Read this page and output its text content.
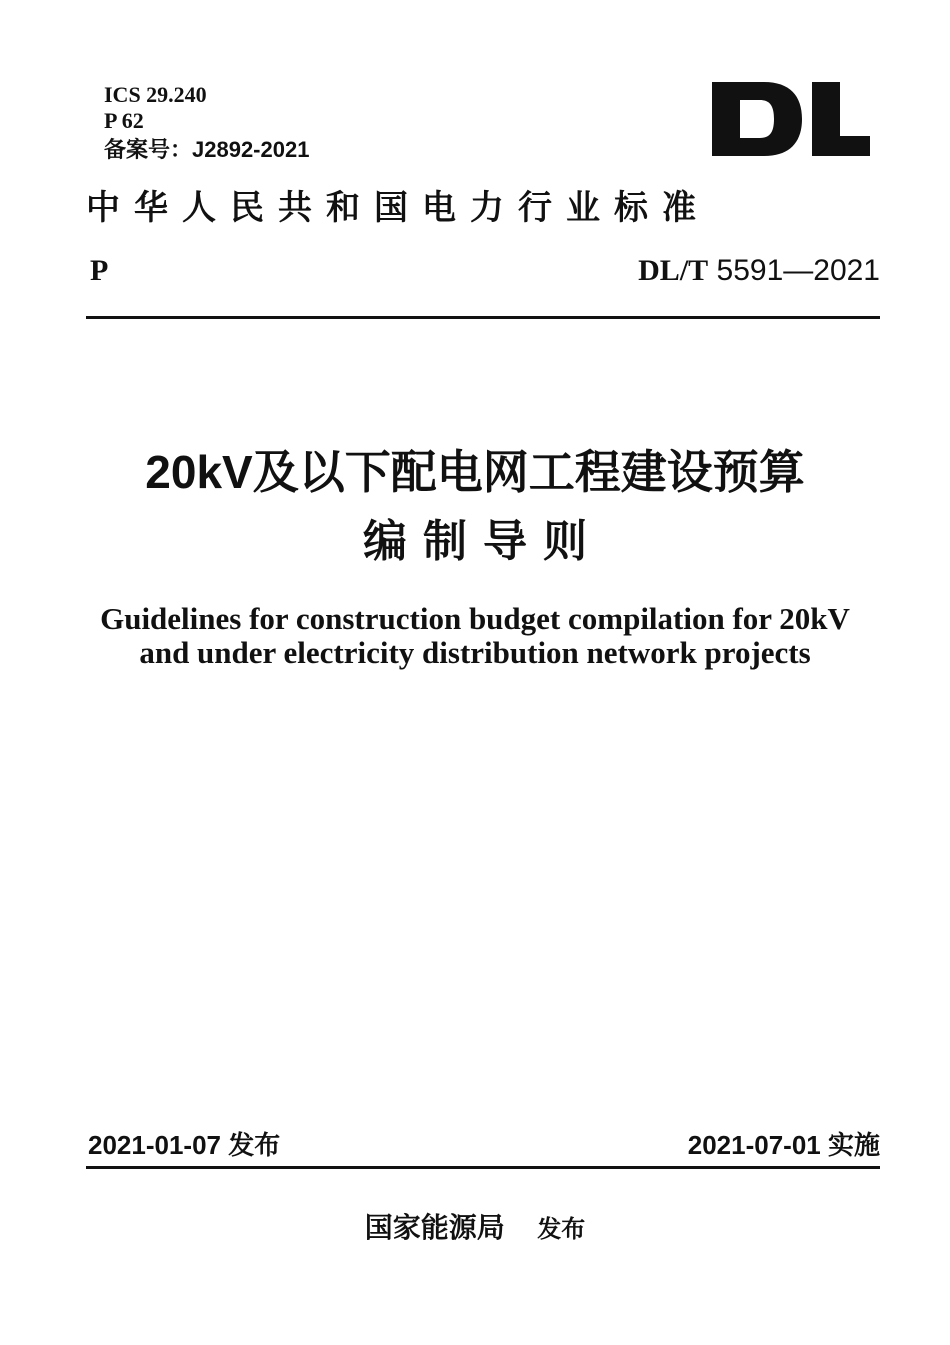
ICS 29.240
P 62
备案号：J2892-2021
中华人民共和国电力行业标准
P	DL/T 5591—2021
20kV及以下配电网工程建设预算
编制导则
Guidelines for construction budget compilation for 20kV
and under electricity distribution network projects
2021-01-07 发布	2021-07-01 实施
国家能源局 发布
